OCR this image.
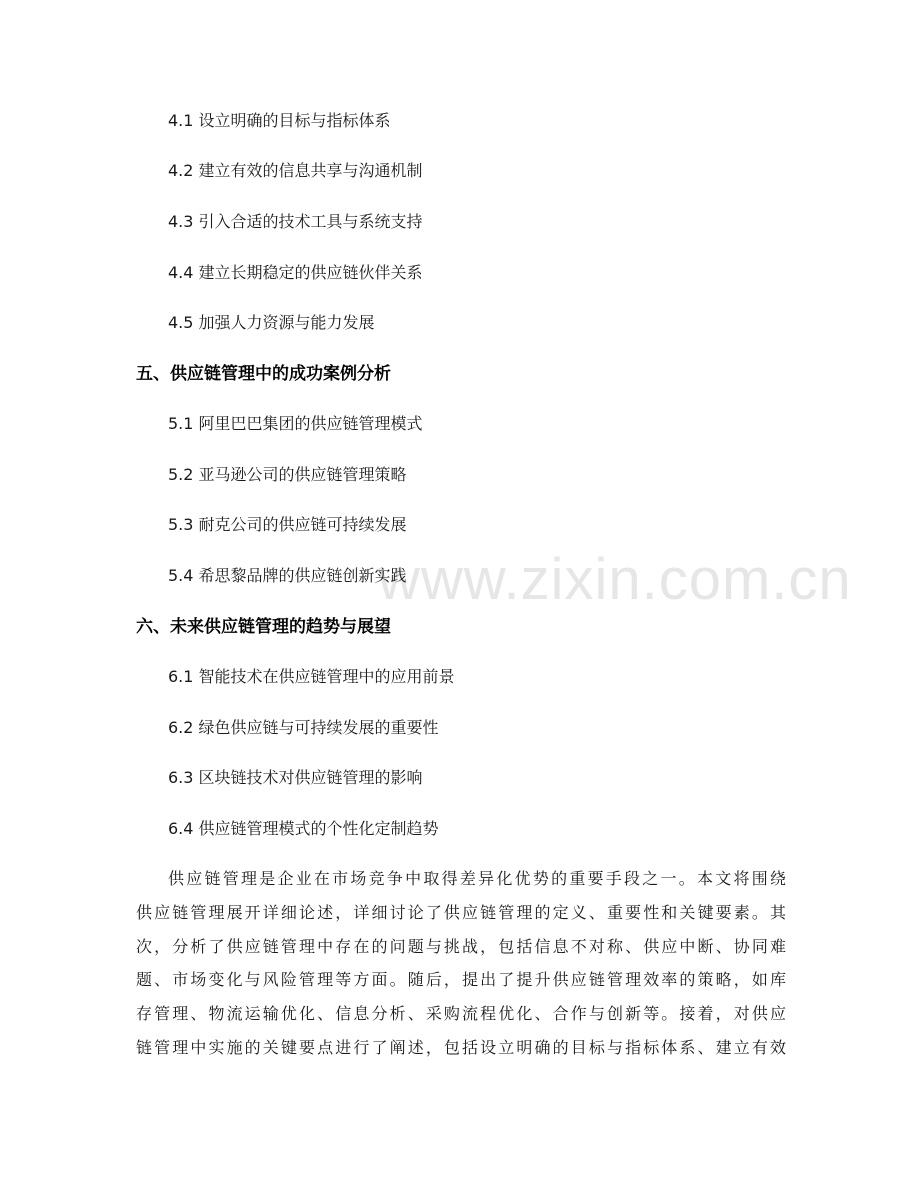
www.zixin.com.cn
4.1 设立明确的目标与指标体系
4.2 建立有效的信息共享与沟通机制
4.3 引入合适的技术工具与系统支持
4.4 建立长期稳定的供应链伙伴关系
4.5 加强人力资源与能力发展
五、供应链管理中的成功案例分析
5.1 阿里巴巴集团的供应链管理模式
5.2 亚马逊公司的供应链管理策略
5.3 耐克公司的供应链可持续发展
5.4 希思黎品牌的供应链创新实践
六、未来供应链管理的趋势与展望
6.1 智能技术在供应链管理中的应用前景
6.2 绿色供应链与可持续发展的重要性
6.3 区块链技术对供应链管理的影响
6.4 供应链管理模式的个性化定制趋势
供应链管理是企业在市场竞争中取得差异化优势的重要手段之一。本文将围绕
供应链管理展开详细论述，详细讨论了供应链管理的定义、重要性和关键要素。其
次，分析了供应链管理中存在的问题与挑战，包括信息不对称、供应中断、协同难
题、市场变化与风险管理等方面。随后，提出了提升供应链管理效率的策略，如库
存管理、物流运输优化、信息分析、采购流程优化、合作与创新等。接着，对供应
链管理中实施的关键要点进行了阐述，包括设立明确的目标与指标体系、建立有效
